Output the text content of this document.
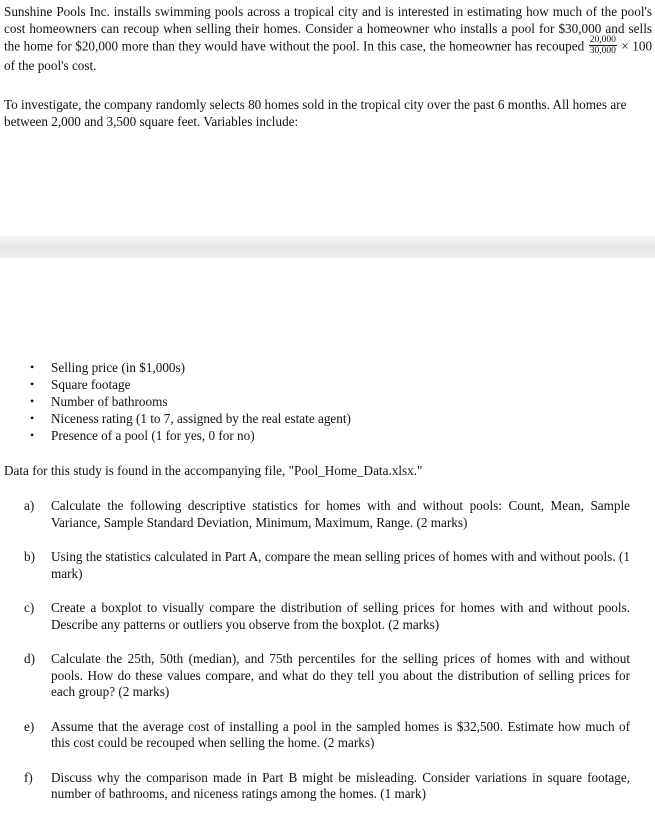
Sunshine Pools Inc. installs swimming pools across a tropical city and is interested in estimating how much of the pool's cost homeowners can recoup when selling their homes. Consider a homeowner who installs a pool for $30,000 and sells the home for $20,000 more than they would have without the pool. In this case, the homeowner has recouped $\frac{20,000}{30,000} \times 100$ of the pool's cost.

To investigate, the company randomly selects 80 homes sold in the tropical city over the past 6 months. All homes are between 2,000 and 3,500 square feet. Variables include:

• Selling price (in $1,000s)
• Square footage
• Number of bathrooms
• Niceness rating (1 to 7, assigned by the real estate agent)
• Presence of a pool (1 for yes, 0 for no)
Data for this study is found in the accompanying file, "Pool_Home_Data.xlsx."
a) Calculate the following descriptive statistics for homes with and without pools: Count, Mean, Sample Variance, Sample Standard Deviation, Minimum, Maximum, Range. (2 marks)
b) Using the statistics calculated in Part A, compare the mean selling prices of homes with and without pools. (1 mark)
c) Create a boxplot to visually compare the distribution of selling prices for homes with and without pools. Describe any patterns or outliers you observe from the boxplot. (2 marks)
d) Calculate the 25th, 50th (median), and 75th percentiles for the selling prices of homes with and without pools. How do these values compare, and what do they tell you about the distribution of selling prices for each group? (2 marks)
e) Assume that the average cost of installing a pool in the sampled homes is $32,500. Estimate how much of this cost could be recouped when selling the home. (2 marks)
f) Discuss why the comparison made in Part B might be misleading. Consider variations in square footage, number of bathrooms, and niceness ratings among the homes. (1 mark)
